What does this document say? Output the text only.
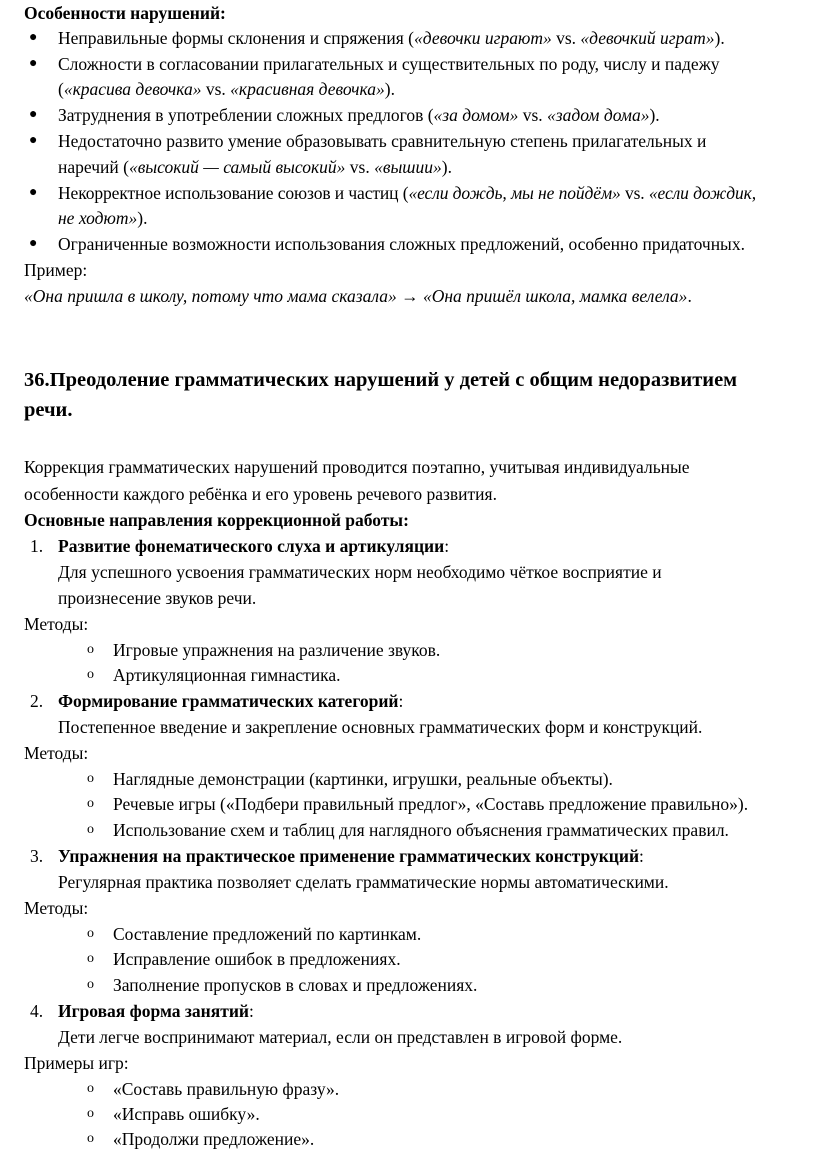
Особенности нарушений:
● Неправильные формы склонения и спряжения («девочки играют» vs. «девочкий играт»).
● Сложности в согласовании прилагательных и существительных по роду, числу и падежу
(«красива девочка» vs. «красивная девочка»).
● Затруднения в употреблении сложных предлогов («за домом» vs. «задом дома»).
● Недостаточно развито умение образовывать сравнительную степень прилагательных и
наречий («высокий — самый высокий» vs. «вышии»).
● Некорректное использование союзов и частиц («если дождь, мы не пойдём» vs. «если дождик,
не ходют»).
● Ограниченные возможности использования сложных предложений, особенно придаточных.
Пример:
«Она пришла в школу, потому что мама сказала» → «Она пришёл школа, мамка велела».
36.Преодоление грамматических нарушений у детей с общим недоразвитием
речи.
Коррекция грамматических нарушений проводится поэтапно, учитывая индивидуальные
особенности каждого ребёнка и его уровень речевого развития.
Основные направления коррекционной работы:
1. Развитие фонематического слуха и артикуляции:
Для успешного усвоения грамматических норм необходимо чёткое восприятие и
произнесение звуков речи.
Методы:
o Игровые упражнения на различение звуков.
o Артикуляционная гимнастика.
2. Формирование грамматических категорий:
Постепенное введение и закрепление основных грамматических форм и конструкций.
Методы:
o Наглядные демонстрации (картинки, игрушки, реальные объекты).
o Речевые игры («Подбери правильный предлог», «Составь предложение правильно»).
o Использование схем и таблиц для наглядного объяснения грамматических правил.
3. Упражнения на практическое применение грамматических конструкций:
Регулярная практика позволяет сделать грамматические нормы автоматическими.
Методы:
o Составление предложений по картинкам.
o Исправление ошибок в предложениях.
o Заполнение пропусков в словах и предложениях.
4. Игровая форма занятий:
Дети легче воспринимают материал, если он представлен в игровой форме.
Примеры игр:
o «Составь правильную фразу».
o «Исправь ошибку».
o «Продолжи предложение».
